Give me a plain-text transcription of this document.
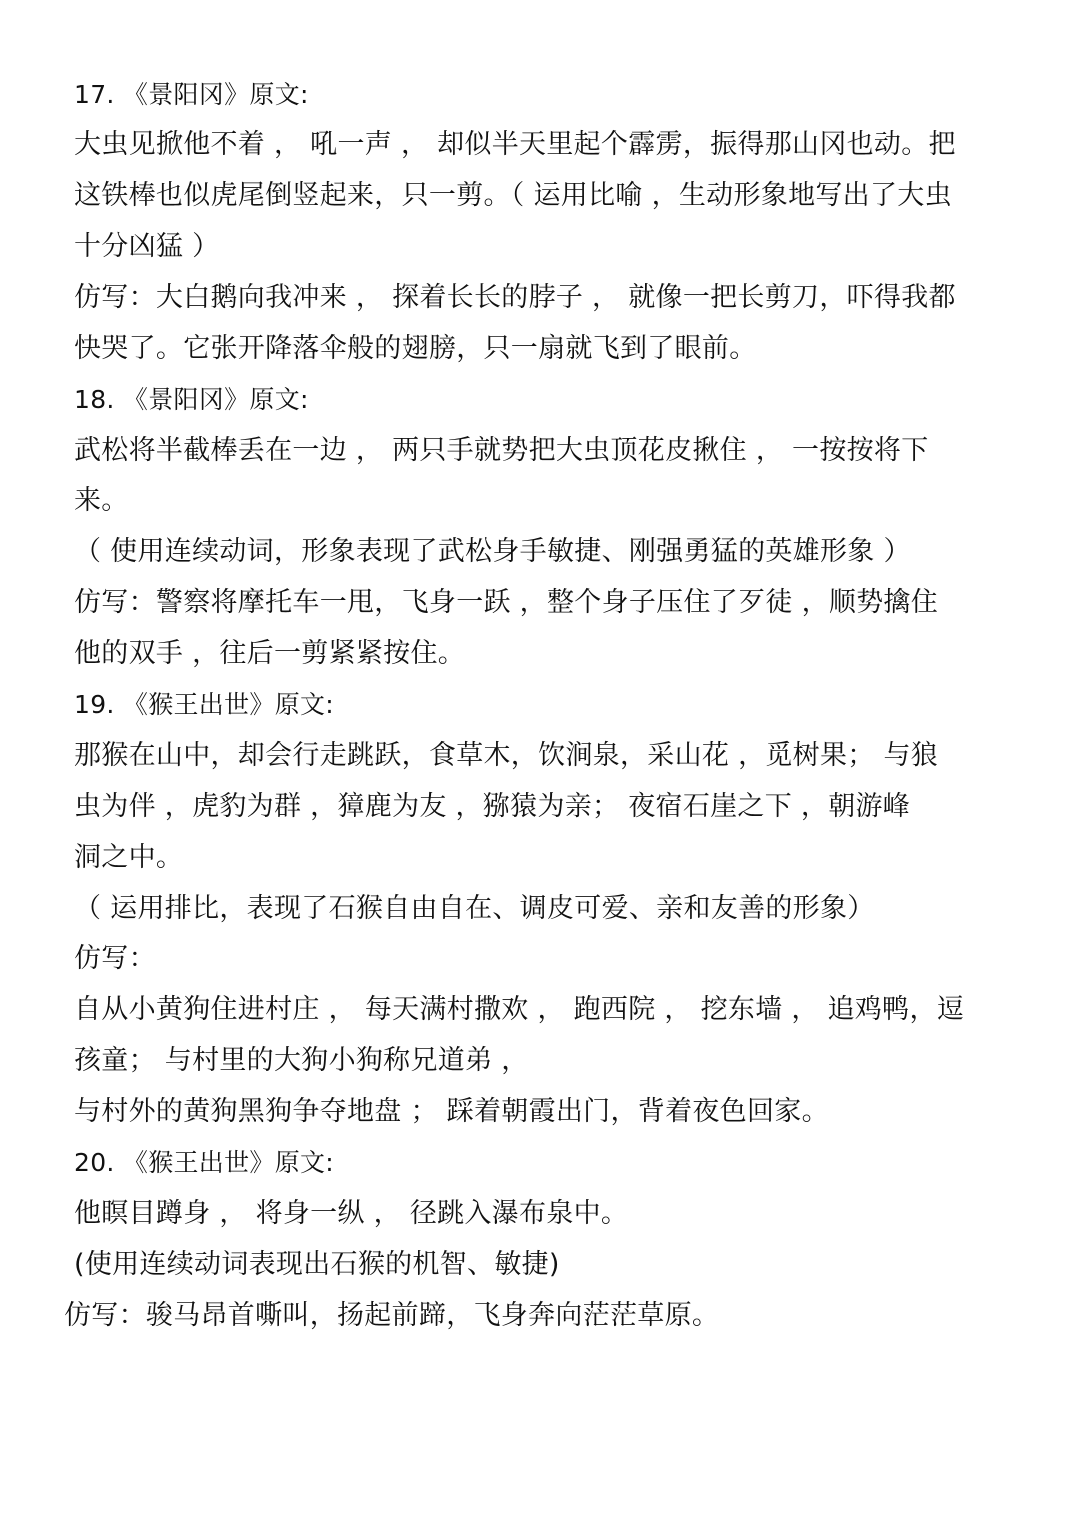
17. 《景阳冈》原文:
大虫见掀他不着 ， 吼一声 ， 却似半天里起个霹雳，振得那山冈也动。把
这铁棒也似虎尾倒竖起来，只一剪。（ 运用比喻 ，生动形象地写出了大虫
十分凶猛 ）
仿写：大白鹅向我冲来 ， 探着长长的脖子 ， 就像一把长剪刀，吓得我都
快哭了。它张开降落伞般的翅膀，只一扇就飞到了眼前。
18. 《景阳冈》原文:
武松将半截棒丢在一边 ， 两只手就势把大虫顶花皮揪住 ， 一按按将下
来。
（ 使用连续动词，形象表现了武松身手敏捷、刚强勇猛的英雄形象 ）
仿写：警察将摩托车一甩，飞身一跃 ，整个身子压住了歹徒 ，顺势擒住
他的双手 ，往后一剪紧紧按住。
19. 《猴王出世》原文:
那猴在山中，却会行走跳跃，食草木，饮涧泉，采山花 ，觅树果； 与狼
虫为伴 ，虎豹为群 ，獐鹿为友 ，猕猿为亲； 夜宿石崖之下 ，朝游峰
洞之中。
（ 运用排比，表现了石猴自由自在、调皮可爱、亲和友善的形象）
仿写：
自从小黄狗住进村庄 ， 每天满村撒欢 ， 跑西院 ， 挖东墙 ， 追鸡鸭，逗
孩童； 与村里的大狗小狗称兄道弟 ，
与村外的黄狗黑狗争夺地盘 ； 踩着朝霞出门，背着夜色回家。
20. 《猴王出世》原文:
他瞑目蹲身 ， 将身一纵 ， 径跳入瀑布泉中。
(使用连续动词表现出石猴的机智、敏捷)
仿写：骏马昂首嘶叫，扬起前蹄，飞身奔向茫茫草原。
